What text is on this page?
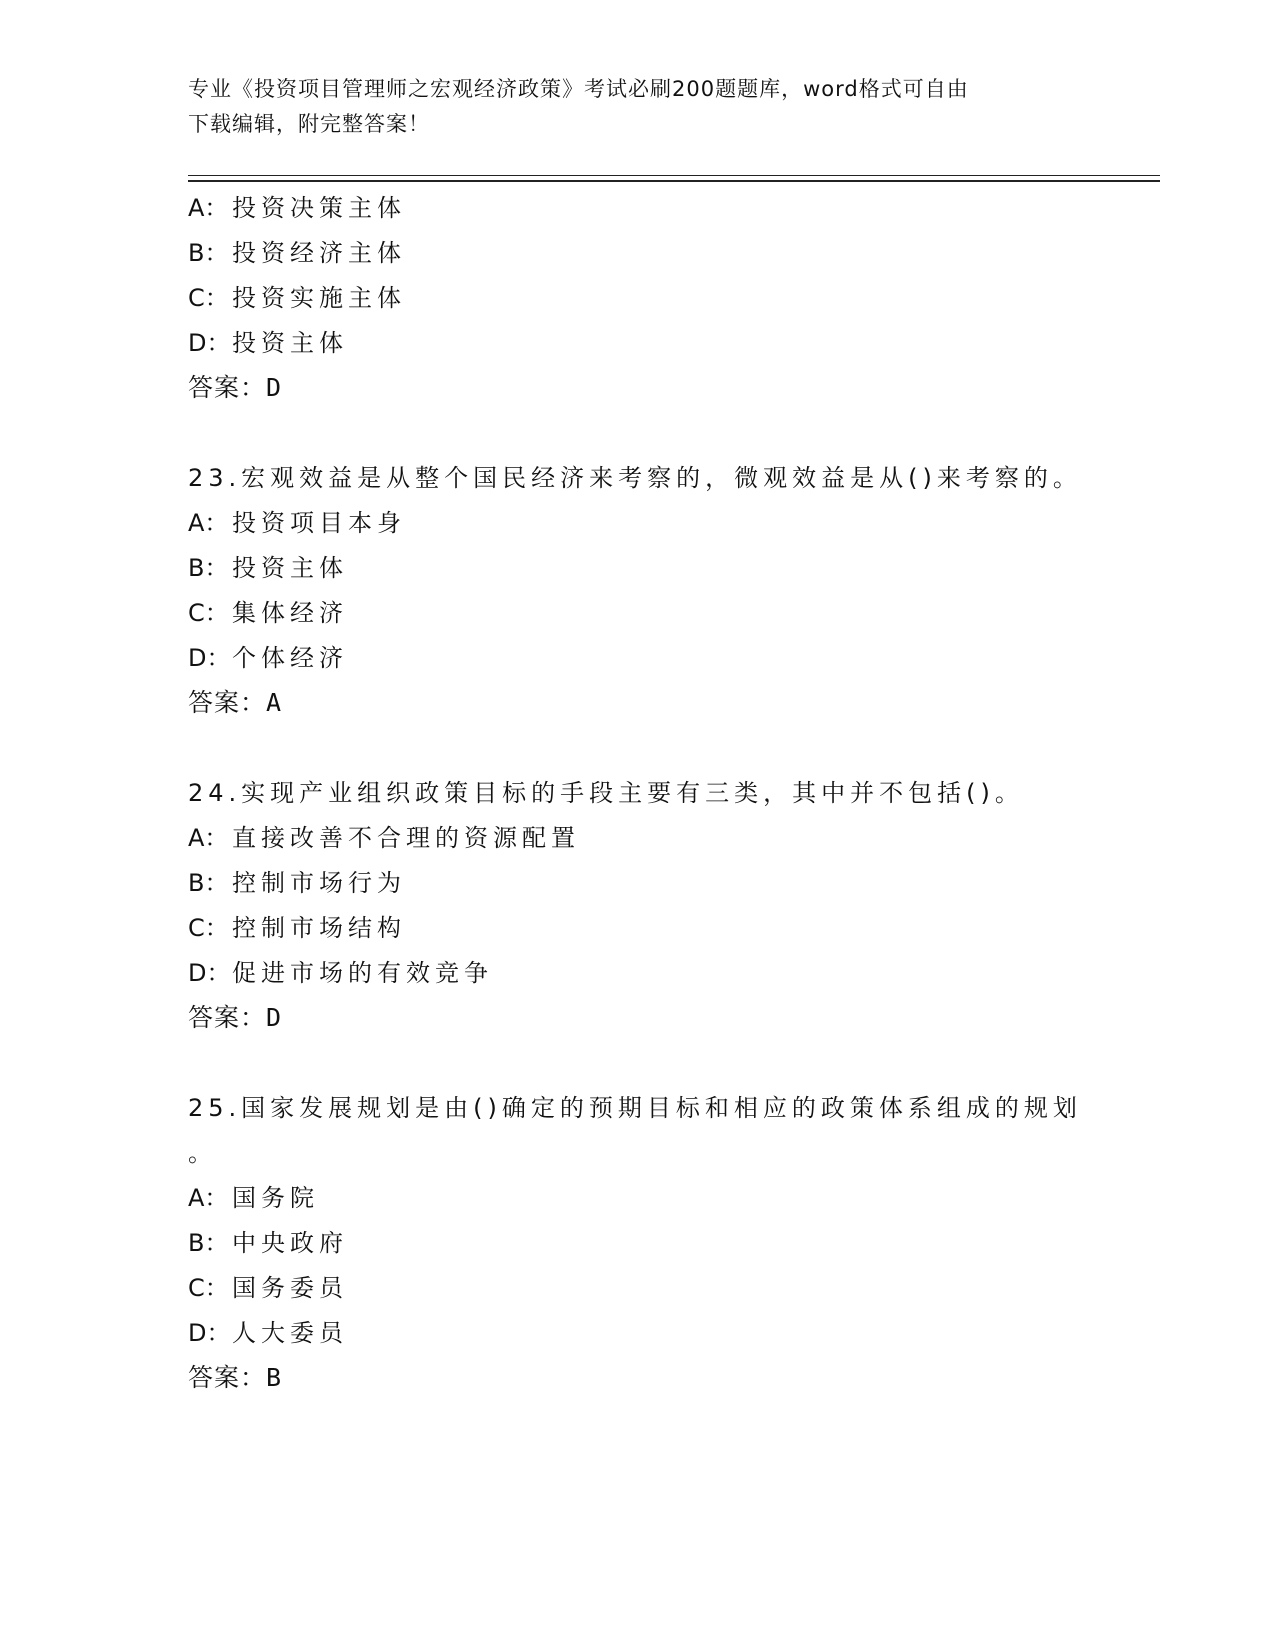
专业《投资项目管理师之宏观经济政策》考试必刷200题题库，word格式可自由
下载编辑，附完整答案！
A： 投资决策主体
B： 投资经济主体
C： 投资实施主体
D：投资主体
答案：D
23.宏观效益是从整个国民经济来考察的，微观效益是从()来考察的。
A： 投资项目本身
B： 投资主体
C： 集体经济
D：个体经济
答案：A
24.实现产业组织政策目标的手段主要有三类，其中并不包括()。
A： 直接改善不合理的资源配置
B： 控制市场行为
C： 控制市场结构
D：促进市场的有效竞争
答案：D
25.国家发展规划是由()确定的预期目标和相应的政策体系组成的规划
。
A： 国务院
B： 中央政府
C： 国务委员
D：人大委员
答案：B
